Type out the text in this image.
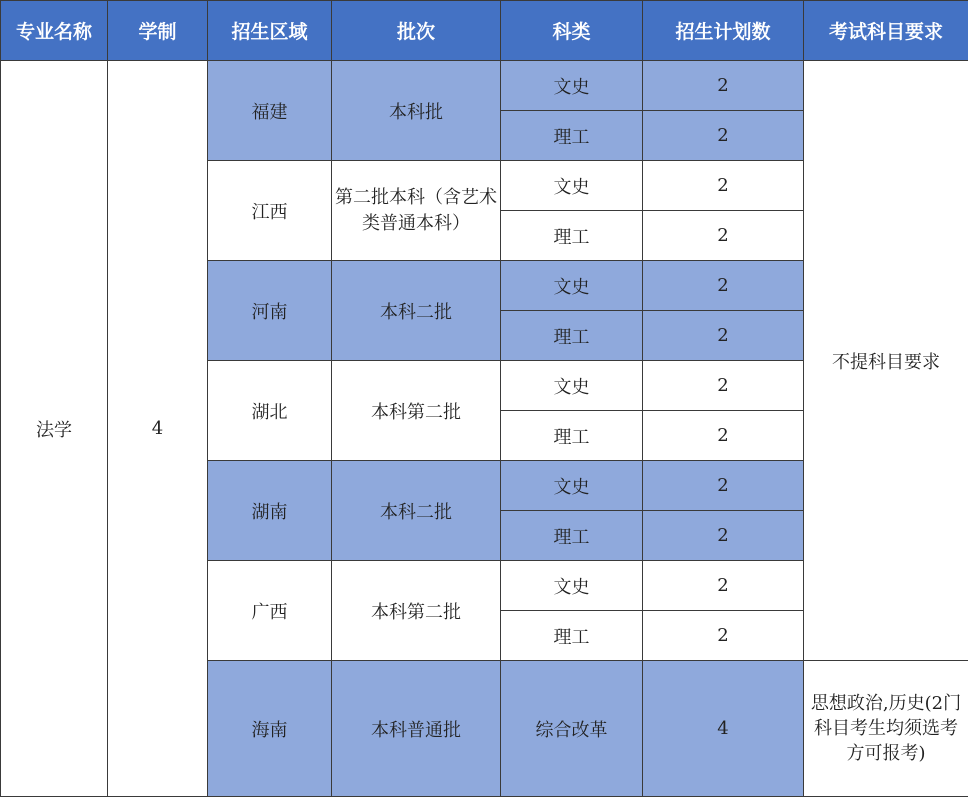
专业名称	学制	招生区域	批次	科类	招生计划数	考试科目要求
法学	4	福建	本科批	文史	2	不提科目要求
				理工	2	
		江西	第二批本科（含艺术类普通本科）	文史	2	
				理工	2	
		河南	本科二批	文史	2	
				理工	2	
		湖北	本科第二批	文史	2	
				理工	2	
		湖南	本科二批	文史	2	
				理工	2	
		广西	本科第二批	文史	2	
				理工	2	
		海南	本科普通批	综合改革	4	思想政治,历史(2门科目考生均须选考方可报考)
